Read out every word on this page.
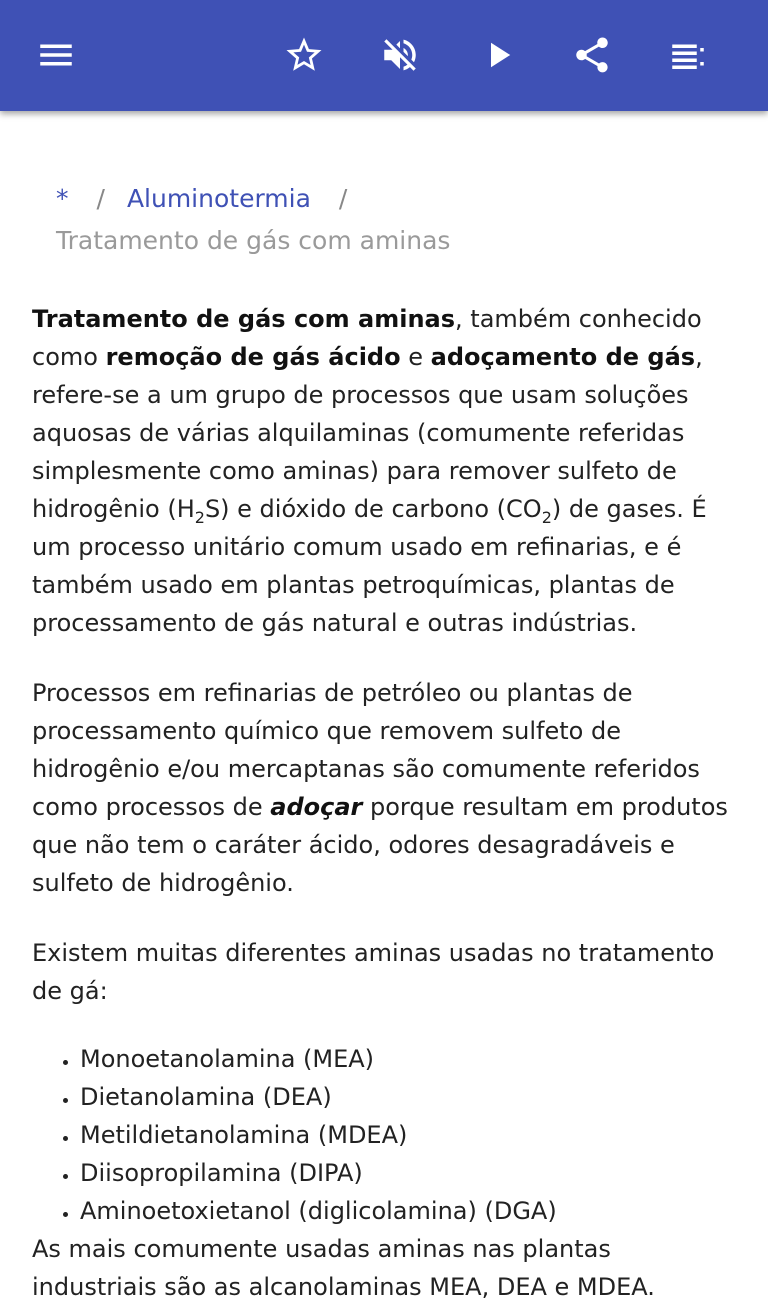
* / Aluminotermia /
Tratamento de gás com aminas

Tratamento de gás com aminas, também conhecido como remoção de gás ácido e adoçamento de gás, refere-se a um grupo de processos que usam soluções aquosas de várias alquilaminas (comumente referidas simplesmente como aminas) para remover sulfeto de hidrogênio $(H_2S)$ e dióxido de carbono $(CO_2)$ de gases. É um processo unitário comum usado em refinarias, e é também usado em plantas petroquímicas, plantas de processamento de gás natural e outras indústrias.

Processos em refinarias de petróleo ou plantas de processamento químico que removem sulfeto de hidrogênio e/ou mercaptanas são comumente referidos como processos de adoçar porque resultam em produtos que não tem o caráter ácido, odores desagradáveis e sulfeto de hidrogênio.

Existem muitas diferentes aminas usadas no tratamento de gá:

• Monoetanolamina (MEA)
• Dietanolamina (DEA)
• Metildietanolamina (MDEA)
• Diisopropilamina (DIPA)
• Aminoetoxietanol (diglicolamina) (DGA)

As mais comumente usadas aminas nas plantas industriais são as alcanolaminas MEA, DEA e MDEA.
